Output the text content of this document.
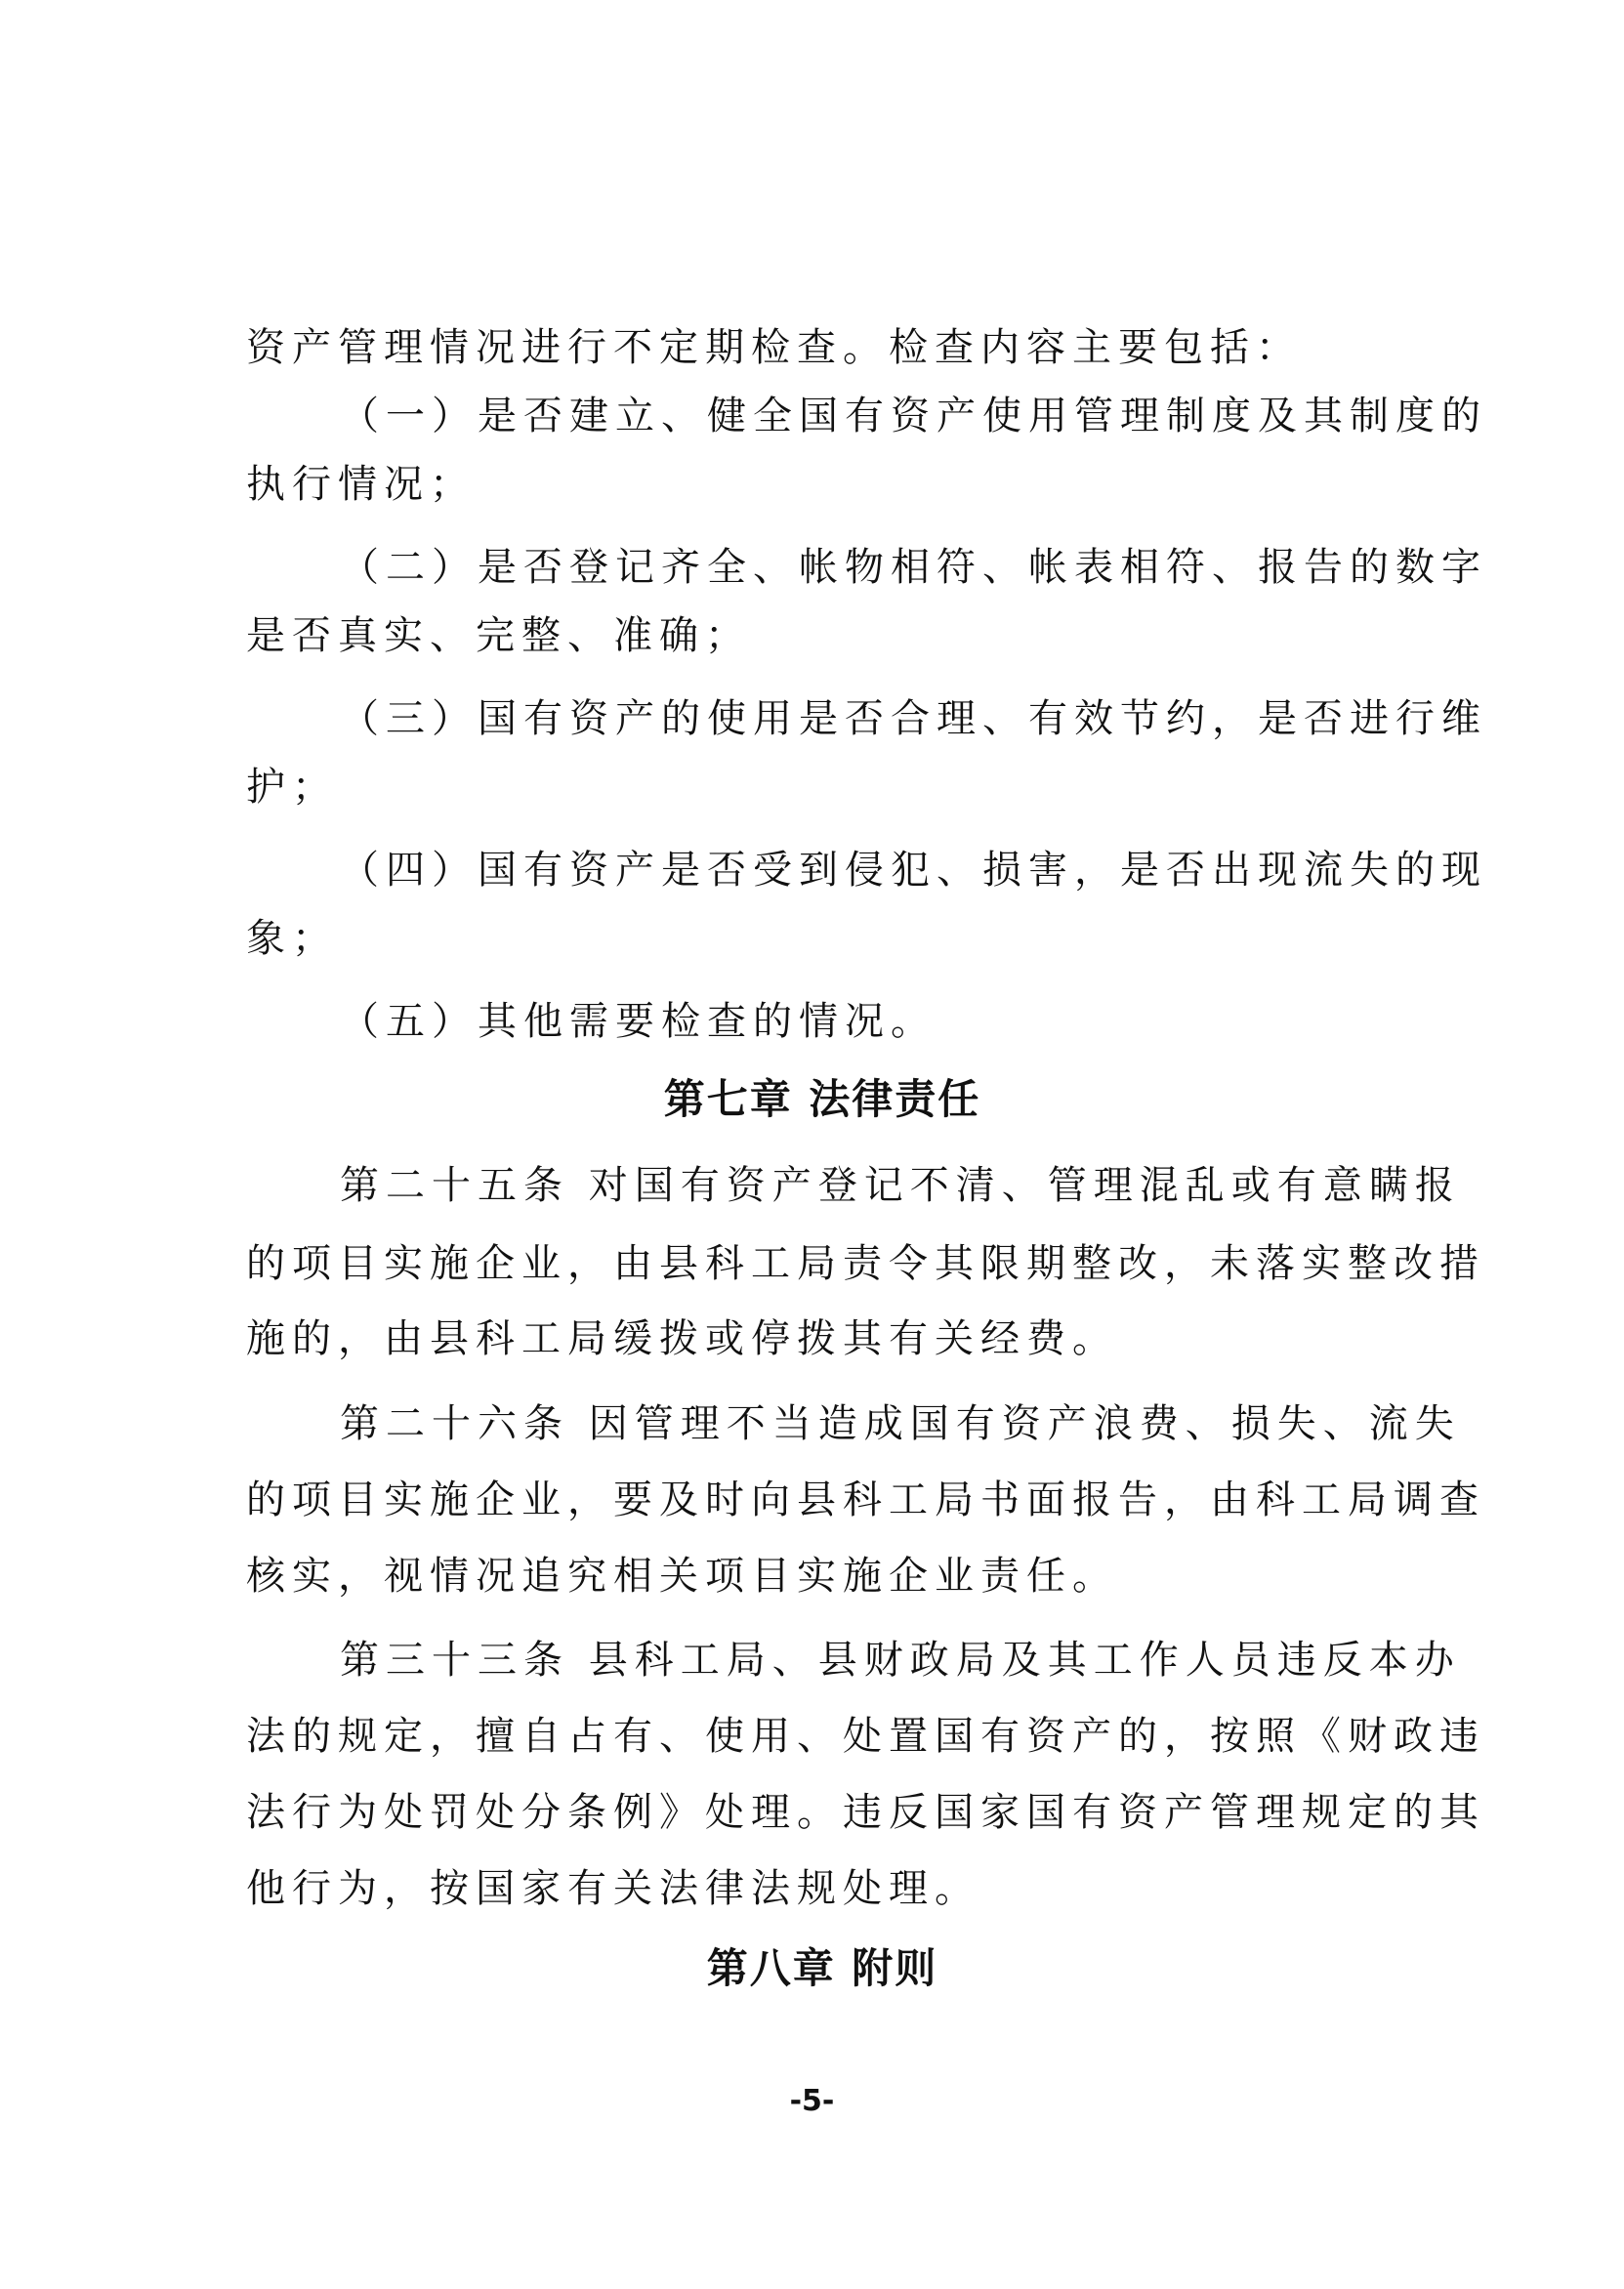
资产管理情况进行不定期检查。检查内容主要包括：
（一）是否建立、健全国有资产使用管理制度及其制度的
执行情况；
（二）是否登记齐全、帐物相符、帐表相符、报告的数字
是否真实、完整、准确；
（三）国有资产的使用是否合理、有效节约，是否进行维
护；
（四）国有资产是否受到侵犯、损害，是否出现流失的现
象；
（五）其他需要检查的情况。
第七章 法律责任
第二十五条 对国有资产登记不清、管理混乱或有意瞒报
的项目实施企业，由县科工局责令其限期整改，未落实整改措
施的，由县科工局缓拨或停拨其有关经费。
第二十六条 因管理不当造成国有资产浪费、损失、流失
的项目实施企业，要及时向县科工局书面报告，由科工局调查
核实，视情况追究相关项目实施企业责任。
第三十三条 县科工局、县财政局及其工作人员违反本办
法的规定，擅自占有、使用、处置国有资产的，按照《财政违
法行为处罚处分条例》处理。违反国家国有资产管理规定的其
他行为，按国家有关法律法规处理。
第八章 附则
-5-
